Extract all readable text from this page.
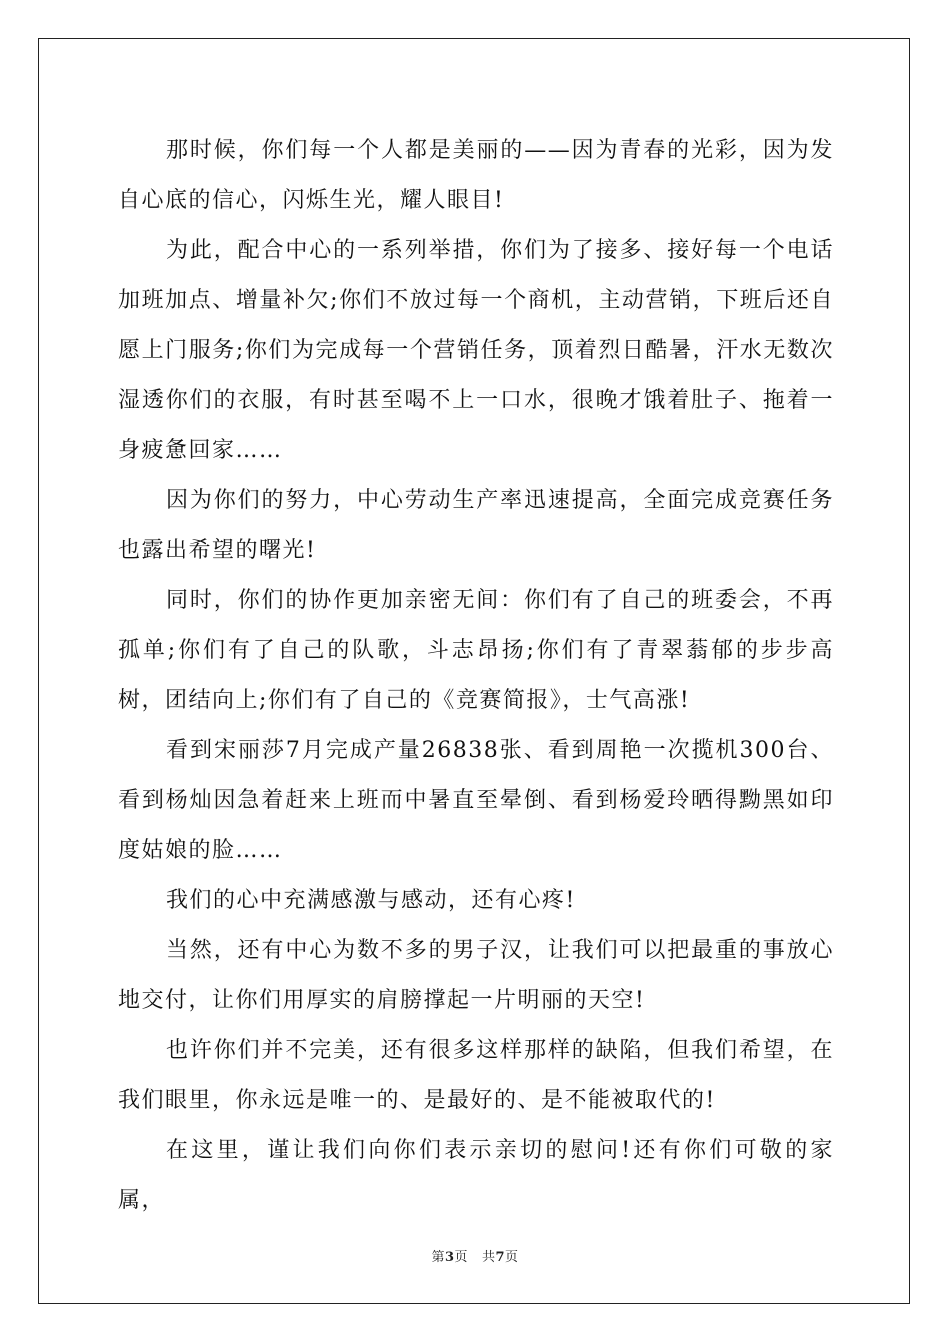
那时候，你们每一个人都是美丽的——因为青春的光彩，因为发自心底的信心，闪烁生光，耀人眼目!

为此，配合中心的一系列举措，你们为了接多、接好每一个电话加班加点、增量补欠;你们不放过每一个商机，主动营销，下班后还自愿上门服务;你们为完成每一个营销任务，顶着烈日酷暑，汗水无数次湿透你们的衣服，有时甚至喝不上一口水，很晚才饿着肚子、拖着一身疲惫回家……

因为你们的努力，中心劳动生产率迅速提高，全面完成竞赛任务也露出希望的曙光!

同时，你们的协作更加亲密无间：你们有了自己的班委会，不再孤单;你们有了自己的队歌，斗志昂扬;你们有了青翠蓊郁的步步高树，团结向上;你们有了自己的《竞赛简报》，士气高涨!

看到宋丽莎7月完成产量26838张、看到周艳一次揽机300台、看到杨灿因急着赶来上班而中暑直至晕倒、看到杨爱玲晒得黝黑如印度姑娘的脸……

我们的心中充满感激与感动，还有心疼!

当然，还有中心为数不多的男子汉，让我们可以把最重的事放心地交付，让你们用厚实的肩膀撑起一片明丽的天空!

也许你们并不完美，还有很多这样那样的缺陷，但我们希望，在我们眼里，你永远是唯一的、是最好的、是不能被取代的!

在这里，谨让我们向你们表示亲切的慰问!还有你们可敬的家属，

第3页 共7页
